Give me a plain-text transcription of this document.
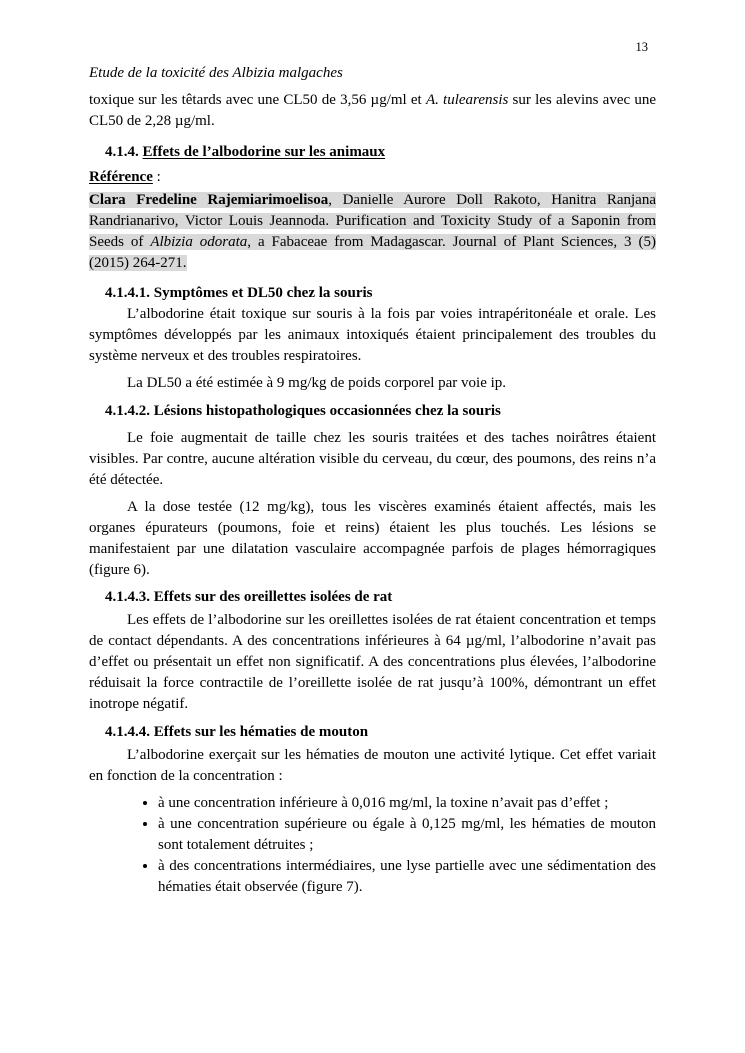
13
Etude de la toxicité des Albizia malgaches

toxique sur les têtards avec une CL50 de 3,56 µg/ml et A. tulearensis sur les alevins avec une CL50 de 2,28 µg/ml.

4.1.4. Effets de l’albodorine sur les animaux

Référence :

Clara Fredeline Rajemiarimoelisoa, Danielle Aurore Doll Rakoto, Hanitra Ranjana Randrianarivo, Victor Louis Jeannoda. Purification and Toxicity Study of a Saponin from Seeds of Albizia odorata, a Fabaceae from Madagascar. Journal of Plant Sciences, 3 (5) (2015) 264-271.

4.1.4.1. Symptômes et DL50 chez la souris

L’albodorine était toxique sur souris à la fois par voies intrapéritonéale et orale. Les symptômes développés par les animaux intoxiqués étaient principalement des troubles du système nerveux et des troubles respiratoires.

La DL50 a été estimée à 9 mg/kg de poids corporel par voie ip.

4.1.4.2. Lésions histopathologiques occasionnées chez la souris

Le foie augmentait de taille chez les souris traitées et des taches noirâtres étaient visibles. Par contre, aucune altération visible du cerveau, du cœur, des poumons, des reins n’a été détectée.

A la dose testée (12 mg/kg), tous les viscères examinés étaient affectés, mais les organes épurateurs (poumons, foie et reins) étaient les plus touchés. Les lésions se manifestaient par une dilatation vasculaire accompagnée parfois de plages hémorragiques (figure 6).

4.1.4.3. Effets sur des oreillettes isolées de rat

Les effets de l’albodorine sur les oreillettes isolées de rat étaient concentration et temps de contact dépendants. A des concentrations inférieures à 64 µg/ml, l’albodorine n’avait pas d’effet ou présentait un effet non significatif. A des concentrations plus élevées, l’albodorine réduisait la force contractile de l’oreillette isolée de rat jusqu’à 100%, démontrant un effet inotrope négatif.

4.1.4.4. Effets sur les hématies de mouton

L’albodorine exerçait sur les hématies de mouton une activité lytique. Cet effet variait en fonction de la concentration :

• à une concentration inférieure à 0,016 mg/ml, la toxine n’avait pas d’effet ;
• à une concentration supérieure ou égale à 0,125 mg/ml, les hématies de mouton sont totalement détruites ;
• à des concentrations intermédiaires, une lyse partielle avec une sédimentation des hématies était observée (figure 7).
